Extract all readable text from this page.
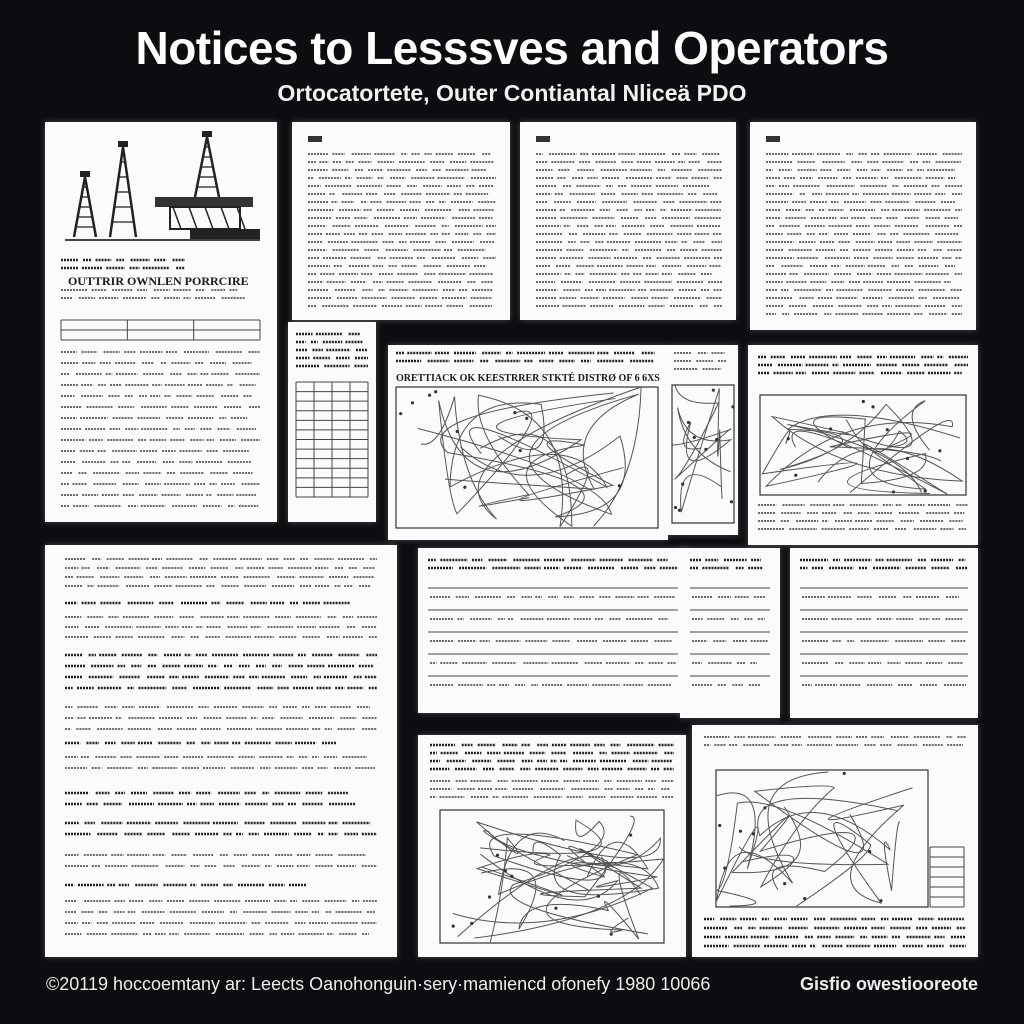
Notices to Lesssves and Operators
Ortocatortete, Outer Contiantal Nliceä PDO
OUTTRIR OWNLEN PORRCIRE
ORETTIACK OK KEESTRRER STKTÉ DISTRØ OF 6 6XS
©20119 hoccoemtany ar: Leects Oanohonguin·sery·mamiencd ofonefy 1980 10066	Gisfio owestiooreote
